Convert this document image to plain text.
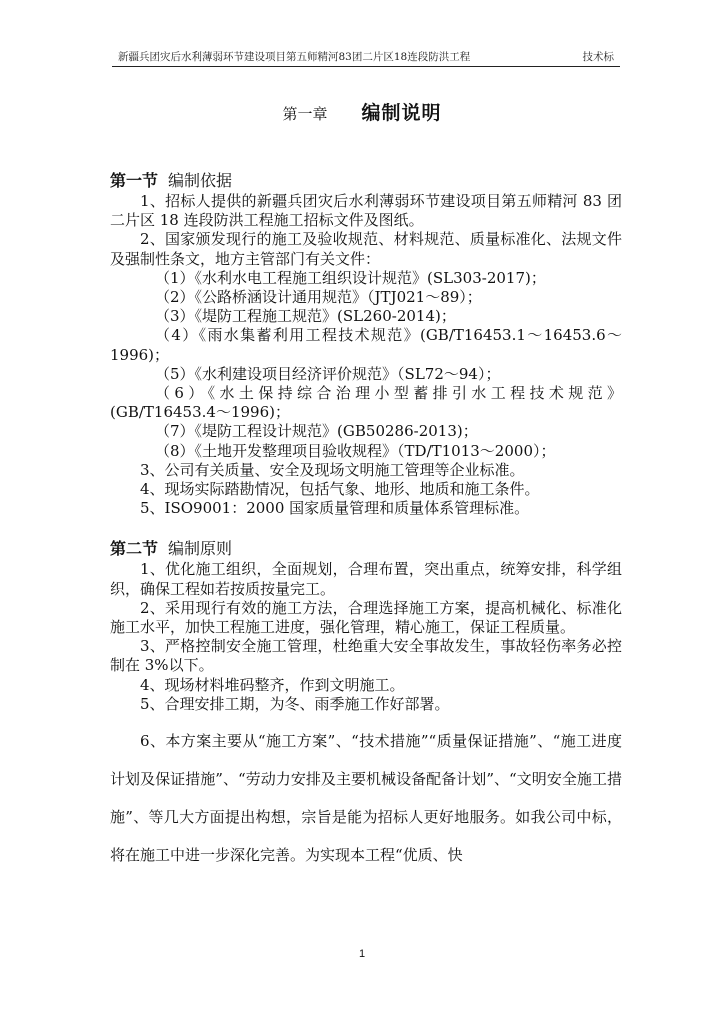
新疆兵团灾后水利薄弱环节建设项目第五师精河83团二片区18连段防洪工程	技术标
第一章 编制说明

第一节 编制依据

1、招标人提供的新疆兵团灾后水利薄弱环节建设项目第五师精河 83 团二片区 18 连段防洪工程施工招标文件及图纸。

2、国家颁发现行的施工及验收规范、材料规范、质量标准化、法规文件及强制性条文，地方主管部门有关文件：

（1）《水利水电工程施工组织设计规范》(SL303-2017)；

（2）《公路桥涵设计通用规范》（JTJ021～89）；

（3）《堤防工程施工规范》(SL260-2014)；

（4）《雨水集蓄利用工程技术规范》(GB/T16453.1～16453.6～1996)；

（5）《水利建设项目经济评价规范》（SL72～94）；

（6）《水土保持综合治理小型蓄排引水工程技术规范》(GB/T16453.4～1996)；

（7）《堤防工程设计规范》(GB50286-2013)；

（8）《土地开发整理项目验收规程》（TD/T1013～2000）；

3、公司有关质量、安全及现场文明施工管理等企业标准。

4、现场实际踏勘情况，包括气象、地形、地质和施工条件。

5、ISO9001：2000 国家质量管理和质量体系管理标准。

第二节 编制原则

1、优化施工组织，全面规划，合理布置，突出重点，统筹安排，科学组织，确保工程如若按质按量完工。

2、采用现行有效的施工方法，合理选择施工方案，提高机械化、标准化施工水平，加快工程施工进度，强化管理，精心施工，保证工程质量。

3、严格控制安全施工管理，杜绝重大安全事故发生，事故轻伤率务必控制在 3%以下。

4、现场材料堆码整齐，作到文明施工。

5、合理安排工期，为冬、雨季施工作好部署。

6、本方案主要从“施工方案”、“技术措施”“质量保证措施”、“施工进度计划及保证措施”、“劳动力安排及主要机械设备配备计划”、“文明安全施工措施”、等几大方面提出构想，宗旨是能为招标人更好地服务。如我公司中标，将在施工中进一步深化完善。为实现本工程“优质、快

1
